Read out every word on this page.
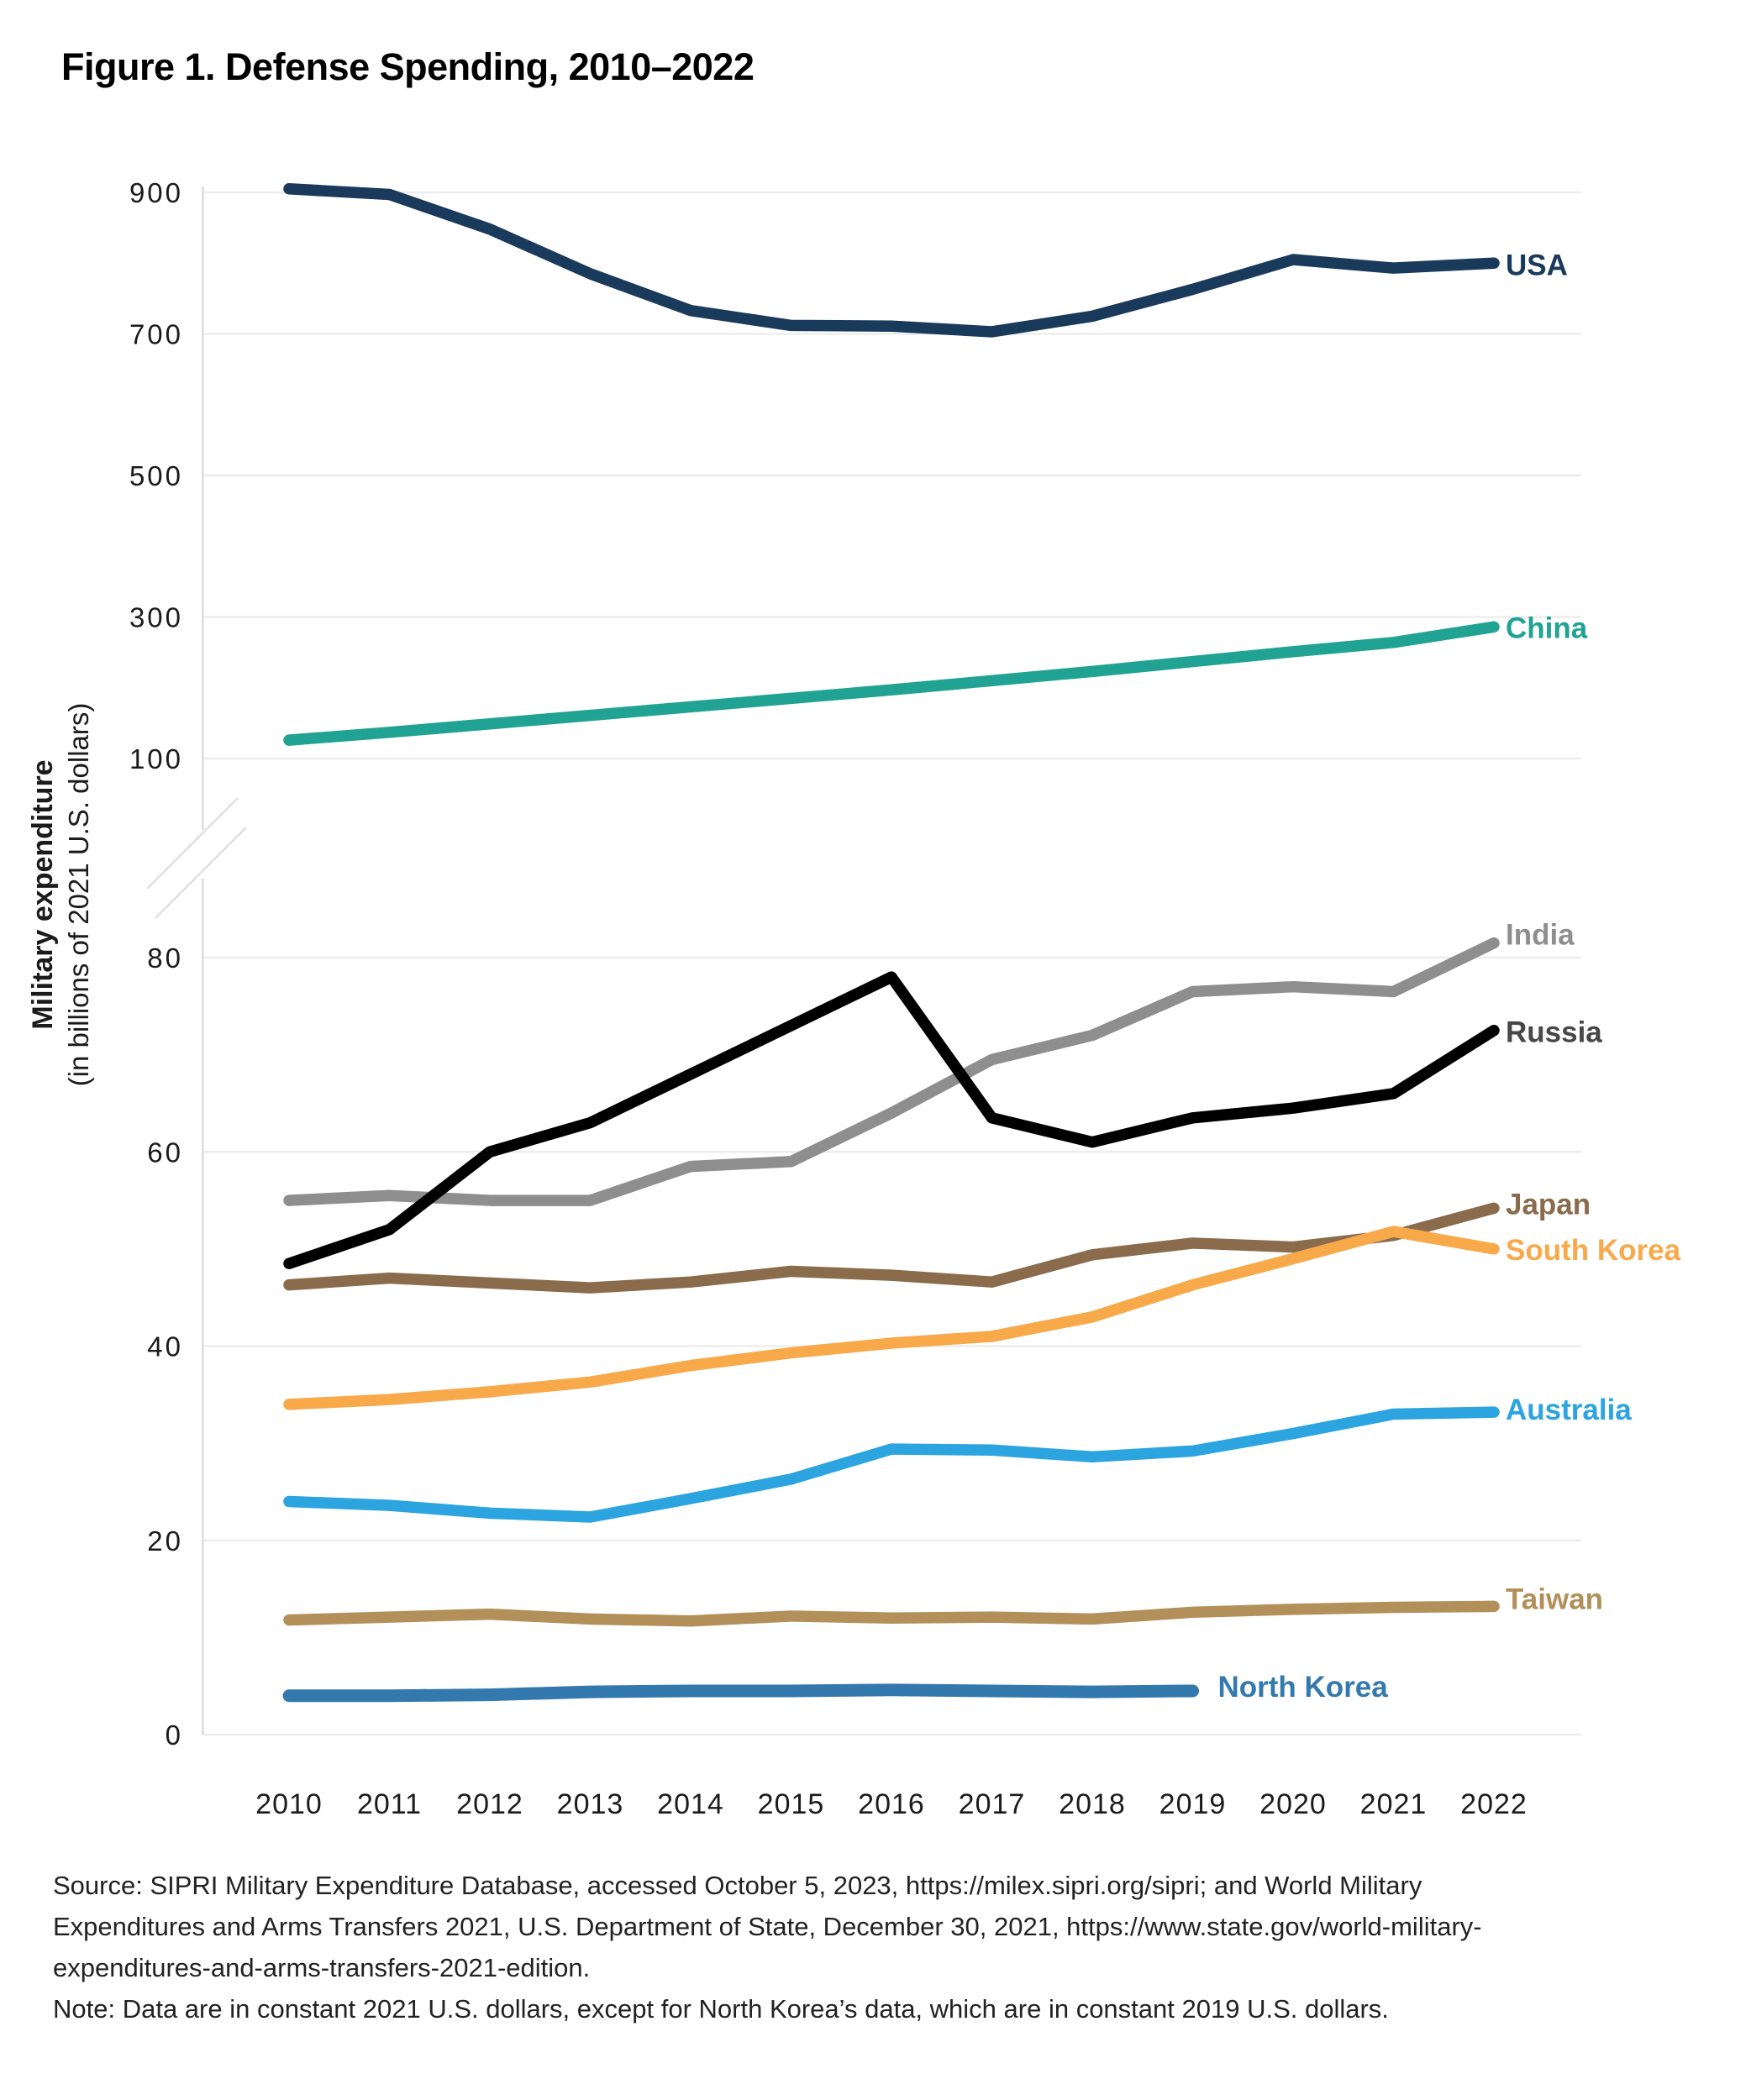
Figure 1. Defense Spending, 2010–2022
900
700
500
300
100
80
60
40
20
0
2010 2011 2012 2013 2014 2015 2016 2017 2018 2019 2020 2021 2022
USA
China
India
Russia
Japan
South Korea
Australia
Taiwan
North Korea
Military expenditure (in billions of 2021 U.S. dollars)
Source: SIPRI Military Expenditure Database, accessed October 5, 2023, https://milex.sipri.org/sipri; and World Military
Expenditures and Arms Transfers 2021, U.S. Department of State, December 30, 2021, https://www.state.gov/world-military-
expenditures-and-arms-transfers-2021-edition.
Note: Data are in constant 2021 U.S. dollars, except for North Korea’s data, which are in constant 2019 U.S. dollars.
